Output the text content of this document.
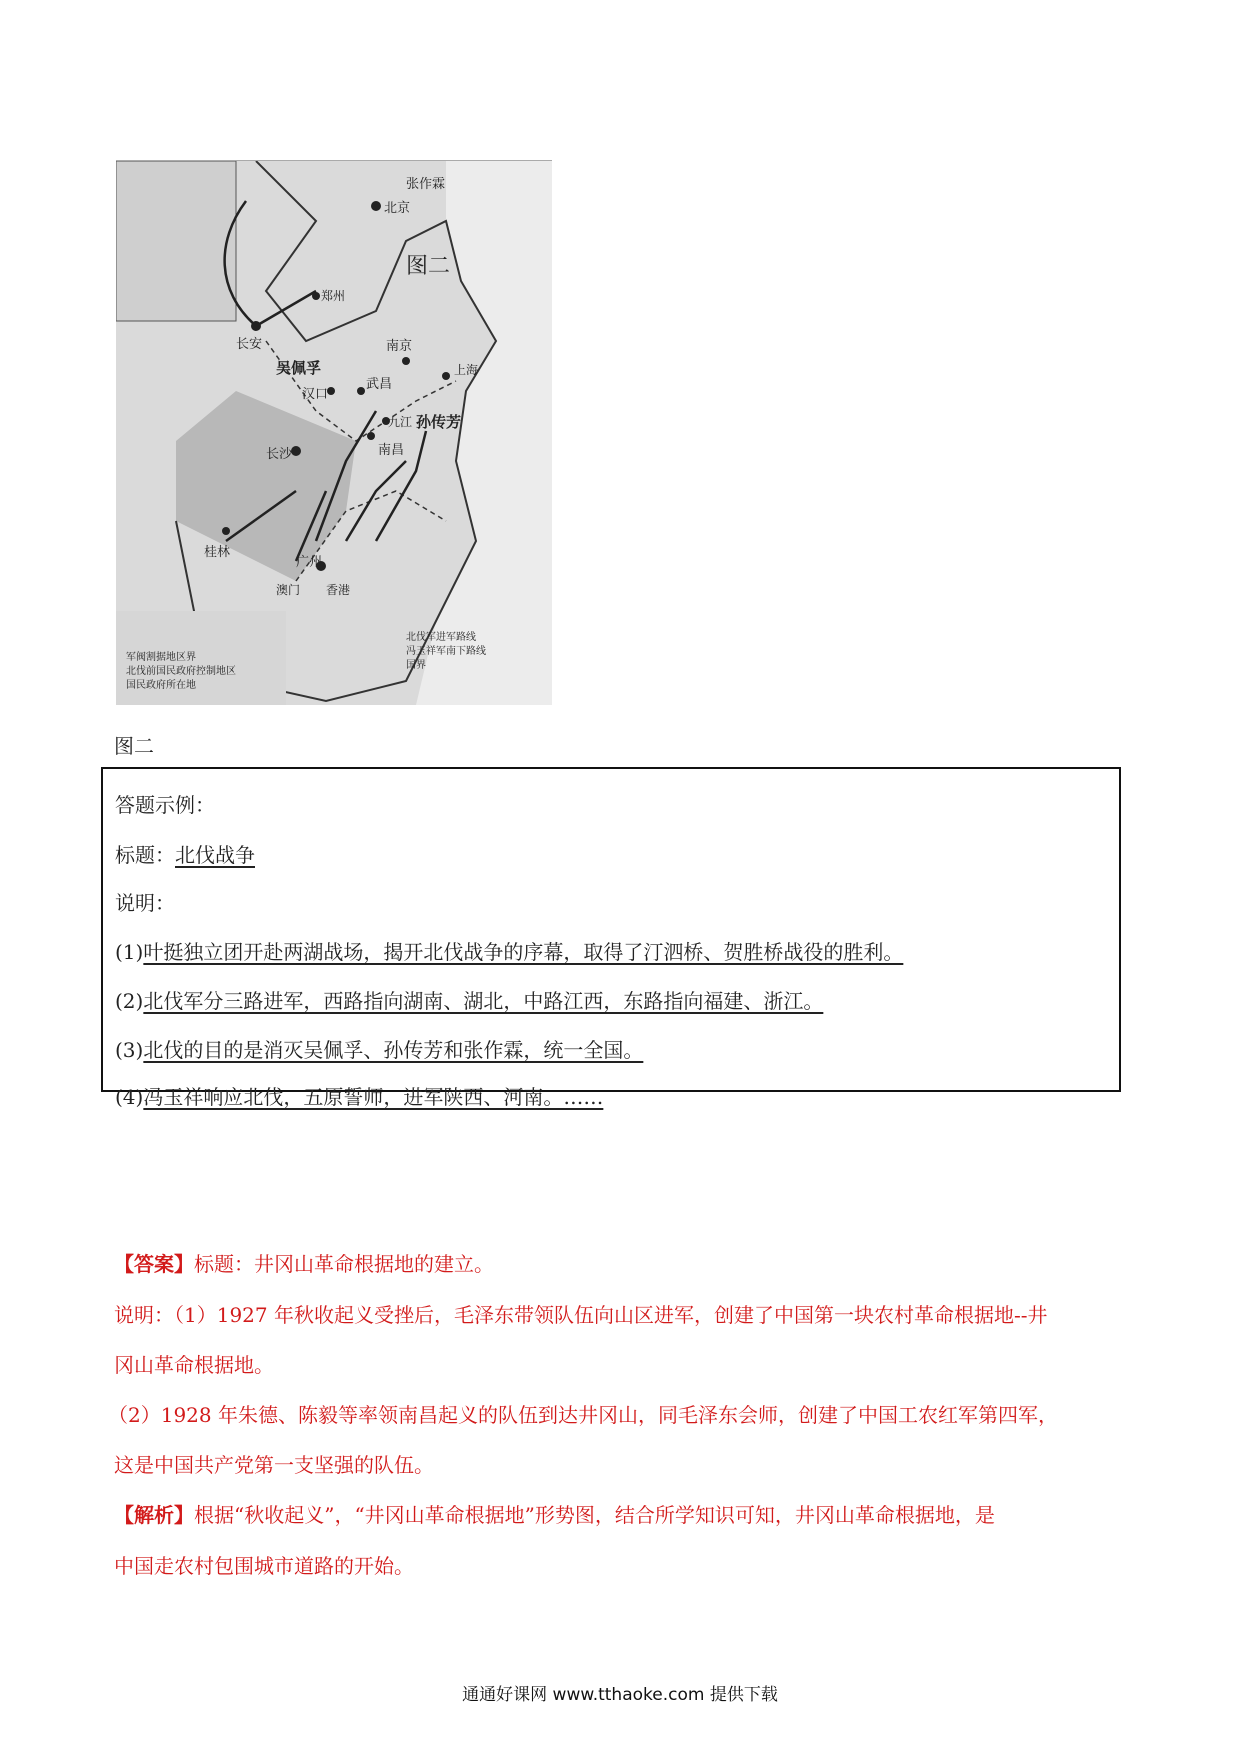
北京
长安
郑州
南京
上海
汉口
武昌
九江
南昌
长沙
桂林
广州
澳门 香港
吴佩孚
孙传芳
张作霖
图二
北伐军进军路线
冯玉祥军南下路线
国界
军阀割据地区界
北伐前国民政府控制地区
国民政府所在地
图二
答题示例：
标题：北伐战争
说明：
(1)叶挺独立团开赴两湖战场，揭开北伐战争的序幕，取得了汀泗桥、贺胜桥战役的胜利。
(2)北伐军分三路进军，西路指向湖南、湖北，中路江西，东路指向福建、浙江。
(3)北伐的目的是消灭吴佩孚、孙传芳和张作霖，统一全国。
(4)冯玉祥响应北伐，五原誓师，进军陕西、河南。……
【答案】标题：井冈山革命根据地的建立。
说明：（1）1927 年秋收起义受挫后，毛泽东带领队伍向山区进军，创建了中国第一块农村革命根据地--井
冈山革命根据地。
（2）1928 年朱德、陈毅等率领南昌起义的队伍到达井冈山，同毛泽东会师，创建了中国工农红军第四军，
这是中国共产党第一支坚强的队伍。
【解析】根据“秋收起义”，“井冈山革命根据地”形势图，结合所学知识可知，井冈山革命根据地，是
中国走农村包围城市道路的开始。
通通好课网 www.tthaoke.com 提供下载
